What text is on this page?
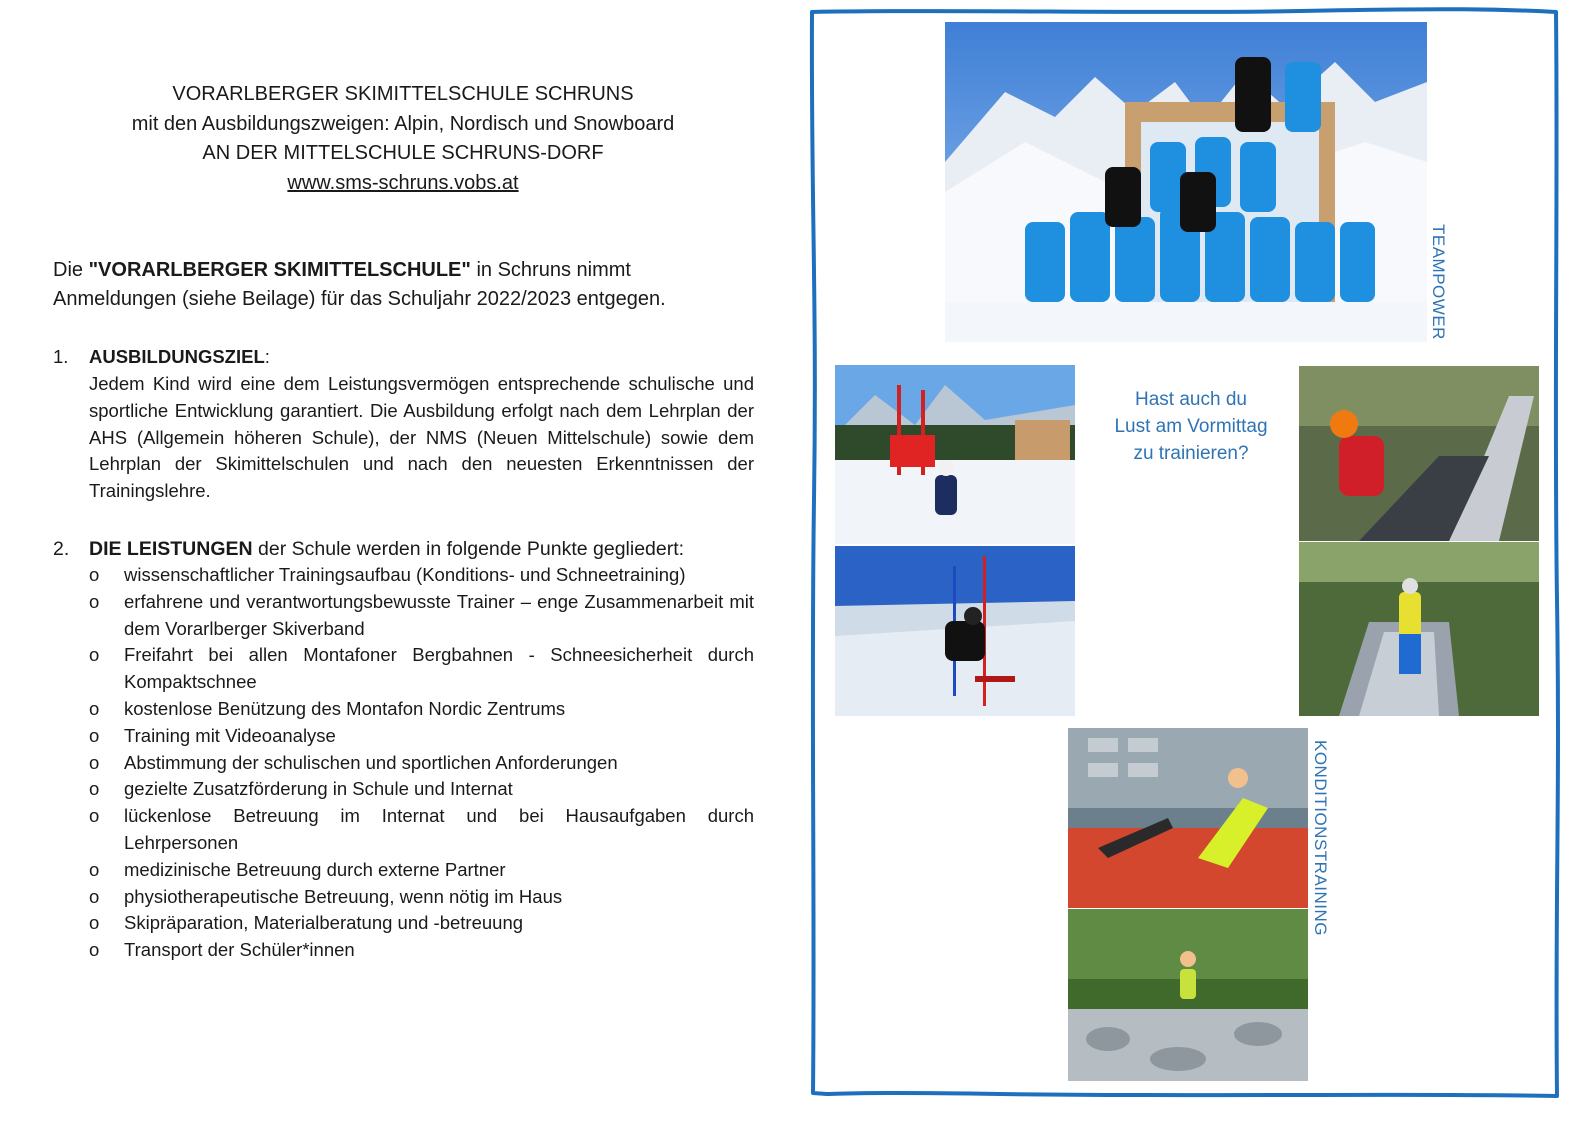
VORARLBERGER SKIMITTELSCHULE SCHRUNS
mit den Ausbildungszweigen: Alpin, Nordisch und Snowboard
AN DER MITTELSCHULE SCHRUNS-DORF
www.sms-schruns.vobs.at
Die "VORARLBERGER SKIMITTELSCHULE" in Schruns nimmt Anmeldungen (siehe Beilage) für das Schuljahr 2022/2023 entgegen.
1. AUSBILDUNGSZIEL:
Jedem Kind wird eine dem Leistungsvermögen entsprechende schulische und sportliche Entwicklung garantiert. Die Ausbildung erfolgt nach dem Lehrplan der AHS (Allgemein höheren Schule), der NMS (Neuen Mittelschule) sowie dem Lehrplan der Skimittelschulen und nach den neuesten Erkenntnissen der Trainingslehre.
2. DIE LEISTUNGEN der Schule werden in folgende Punkte gegliedert:
o wissenschaftlicher Trainingsaufbau (Konditions- und Schneetraining)
o erfahrene und verantwortungsbewusste Trainer – enge Zusammenarbeit mit dem Vorarlberger Skiverband
o Freifahrt bei allen Montafoner Bergbahnen - Schneesicherheit durch Kompaktschnee
o kostenlose Benützung des Montafon Nordic Zentrums
o Training mit Videoanalyse
o Abstimmung der schulischen und sportlichen Anforderungen
o gezielte Zusatzförderung in Schule und Internat
o lückenlose Betreuung im Internat und bei Hausaufgaben durch Lehrpersonen
o medizinische Betreuung durch externe Partner
o physiotherapeutische Betreuung, wenn nötig im Haus
o Skipräparation, Materialberatung und -betreuung
o Transport der Schüler*innen
TEAMPOWER
Hast auch du
Lust am Vormittag
zu trainieren?
KONDITIONSTRAINING
